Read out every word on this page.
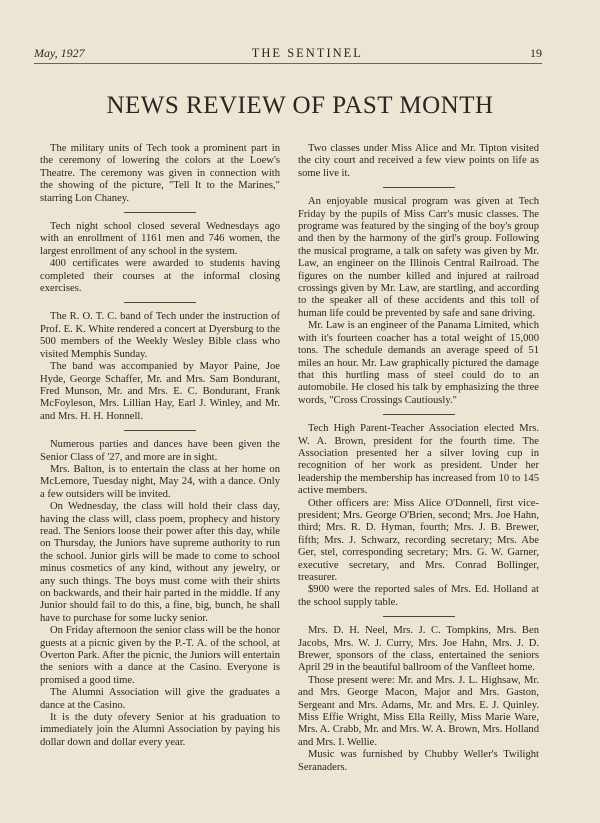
May, 1927	THE SENTINEL	19
NEWS REVIEW OF PAST MONTH

The military units of Tech took a prominent part in the ceremony of lowering the colors at the Loew's Theatre. The ceremony was given in connection with the showing of the picture, "Tell It to the Marines," starring Lon Chaney.

Tech night school closed several Wednesdays ago with an enrollment of 1161 men and 746 women, the largest enrollment of any school in the system.

400 certificates were awarded to students having completed their courses at the informal closing exercises.

The R. O. T. C. band of Tech under the instruction of Prof. E. K. White rendered a concert at Dyersburg to the 500 members of the Weekly Wesley Bible class who visited Memphis Sunday.

The band was accompanied by Mayor Paine, Joe Hyde, George Schaffer, Mr. and Mrs. Sam Bondurant, Fred Munson, Mr. and Mrs. E. C. Bondurant, Frank McFoyleson, Mrs. Lillian Hay, Earl J. Winley, and Mr. and Mrs. H. H. Honnell.

Numerous parties and dances have been given the Senior Class of '27, and more are in sight.

Mrs. Balton, is to entertain the class at her home on McLemore, Tuesday night, May 24, with a dance. Only a few outsiders will be invited.

On Wednesday, the class will hold their class day, having the class will, class poem, prophecy and history read. The Seniors loose their power after this day, while on Thursday, the Juniors have supreme authority to run the school. Junior girls will be made to come to school minus cosmetics of any kind, without any jewelry, or any such things. The boys must come with their shirts on backwards, and their hair parted in the middle. If any Junior should fail to do this, a fine, big, bunch, he shall have to purchase for some lucky senior.

On Friday afternoon the senior class will be the honor guests at a picnic given by the P.-T. A. of the school, at Overton Park. After the picnic, the Juniors will entertain the seniors with a dance at the Casino. Everyone is promised a good time.

The Alumni Association will give the graduates a dance at the Casino.

It is the duty ofevery Senior at his graduation to immediately join the Alumni Association by paying his dollar down and dollar every year.

Two classes under Miss Alice and Mr. Tipton visited the city court and received a few view points on life as some live it.

An enjoyable musical program was given at Tech Friday by the pupils of Miss Carr's music classes. The programe was featured by the singing of the boy's group and then by the harmony of the girl's group. Following the musical programe, a talk on safety was given by Mr. Law, an engineer on the Illinois Central Railroad. The figures on the number killed and injured at railroad crossings given by Mr. Law, are startling, and according to the speaker all of these accidents and this toll of human life could be prevented by safe and sane driving.

Mr. Law is an engineer of the Panama Limited, which with it's fourteen coacher has a total weight of 15,000 tons. The schedule demands an average speed of 51 miles an hour. Mr. Law graphically pictured the damage that this hurtling mass of steel could do to an automobile. He closed his talk by emphasizing the three words, "Cross Crossings Cautiously."

Tech High Parent-Teacher Association elected Mrs. W. A. Brown, president for the fourth time. The Association presented her a silver loving cup in recognition of her work as president. Under her leadership the membership has increased from 10 to 145 active members.

Other officers are: Miss Alice O'Donnell, first vice-president; Mrs. George O'Brien, second; Mrs. Joe Hahn, third; Mrs. R. D. Hyman, fourth; Mrs. J. B. Brewer, fifth; Mrs. J. Schwarz, recording secretary; Mrs. Abe Ger, stel, corresponding secretary; Mrs. G. W. Garner, executive secretary, and Mrs. Conrad Bollinger, treasurer.

$900 were the reported sales of Mrs. Ed. Holland at the school supply table.

Mrs. D. H. Neel, Mrs. J. C. Tompkins, Mrs. Ben Jacobs, Mrs. W. J. Curry, Mrs. Joe Hahn, Mrs. J. D. Brewer, sponsors of the class, entertained the seniors April 29 in the beautiful ballroom of the Vanfleet home.

Those present were: Mr. and Mrs. J. L. Highsaw, Mr. and Mrs. George Macon, Major and Mrs. Gaston, Sergeant and Mrs. Adams, Mr. and Mrs. E. J. Quinley. Miss Effie Wright, Miss Ella Reilly, Miss Marie Ware, Mrs. A. Crabb, Mr. and Mrs. W. A. Brown, Mrs. Holland and Mrs. I. Wellie.

Music was furnished by Chubby Weller's Twilight Seranaders.
